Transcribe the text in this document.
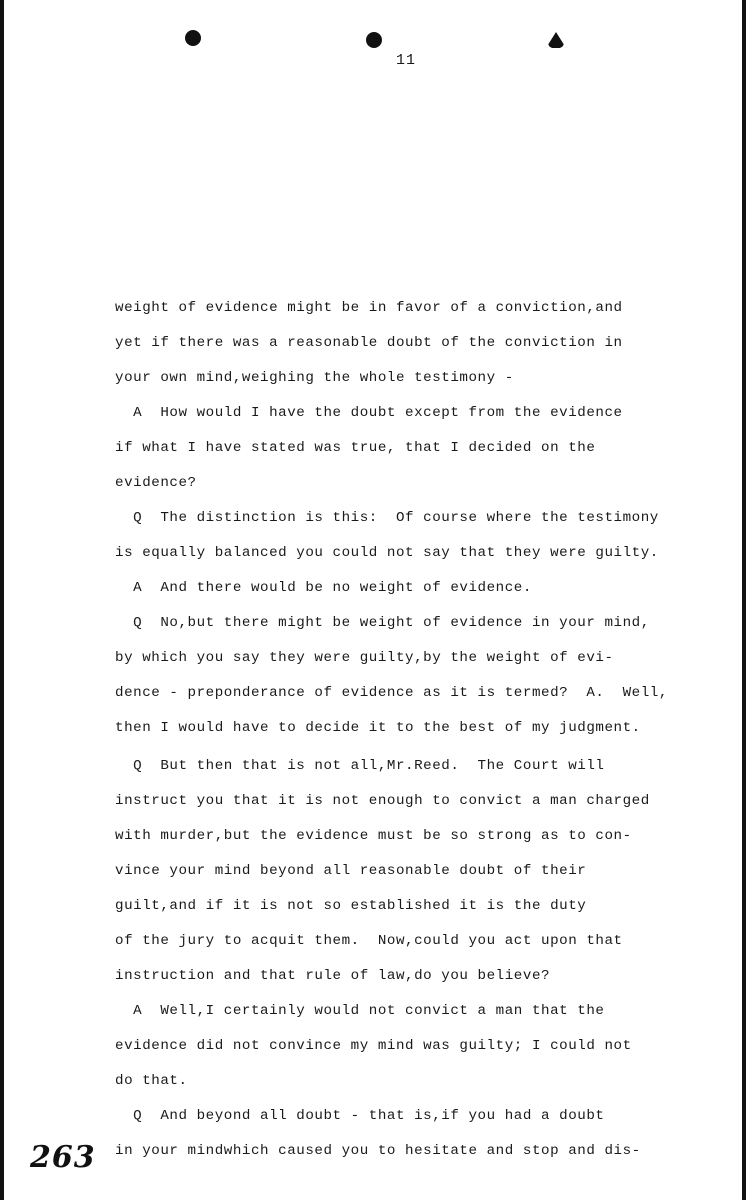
11
weight of evidence might be in favor of a conviction,and
yet if there was a reasonable doubt of the conviction in
your own mind,weighing the whole testimony -
A  How would I have the doubt except from the evidence
if what I have stated was true, that I decided on the
evidence?
Q  The distinction is this:  Of course where the testimony
is equally balanced you could not say that they were guilty.
A  And there would be no weight of evidence.
Q  No,but there might be weight of evidence in your mind,
by which you say they were guilty,by the weight of evi-
dence - preponderance of evidence as it is termed?  A.  Well,
then I would have to decide it to the best of my judgment.
Q  But then that is not all,Mr.Reed.  The Court will
instruct you that it is not enough to convict a man charged
with murder,but the evidence must be so strong as to con-
vince your mind beyond all reasonable doubt of their
guilt,and if it is not so established it is the duty
of the jury to acquit them.  Now,could you act upon that
instruction and that rule of law,do you believe?
A  Well,I certainly would not convict a man that the
evidence did not convince my mind was guilty; I could not
do that.
Q  And beyond all doubt - that is,if you had a doubt
in your mindwhich caused you to hesitate and stop and dis-
263
